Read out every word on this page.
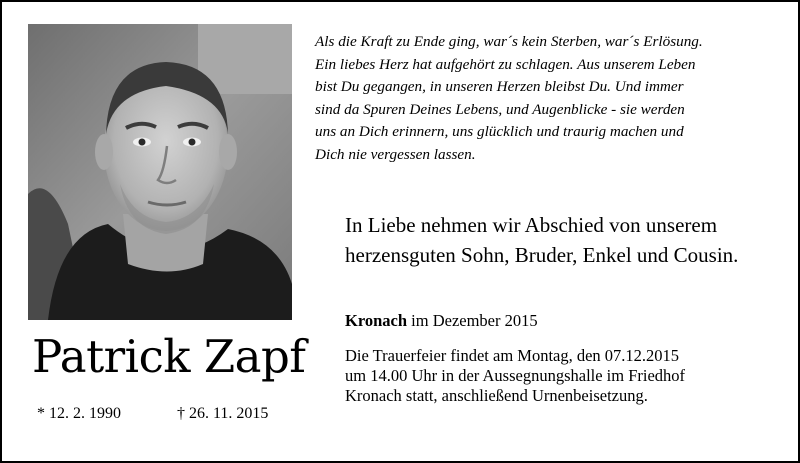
Als die Kraft zu Ende ging, war´s kein Sterben, war´s Erlösung.
Ein liebes Herz hat aufgehört zu schlagen. Aus unserem Leben
bist Du gegangen, in unseren Herzen bleibst Du. Und immer
sind da Spuren Deines Lebens, und Augenblicke - sie werden
uns an Dich erinnern, uns glücklich und traurig machen und
Dich nie vergessen lassen.
In Liebe nehmen wir Abschied von unserem
herzensguten Sohn, Bruder, Enkel und Cousin.
Kronach im Dezember 2015
Die Trauerfeier findet am Montag, den 07.12.2015
um 14.00 Uhr in der Aussegnungshalle im Friedhof
Kronach statt, anschließend Urnenbeisetzung.
Patrick Zapf
* 12. 2. 1990	† 26. 11. 2015
